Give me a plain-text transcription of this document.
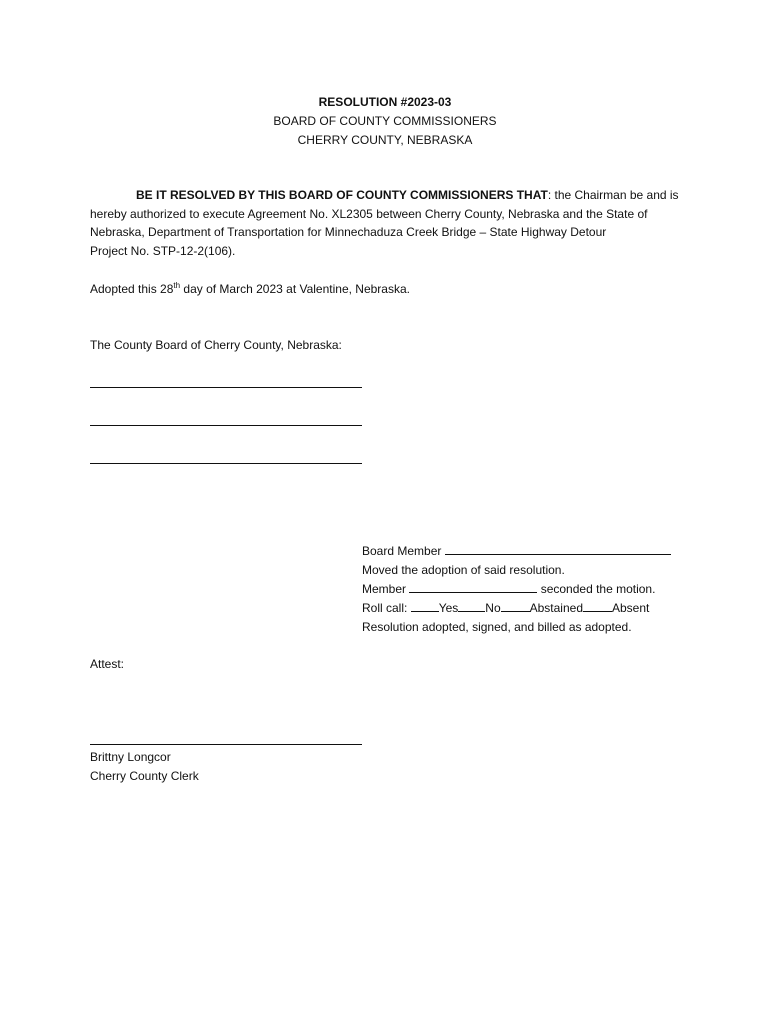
RESOLUTION #2023-03
BOARD OF COUNTY COMMISSIONERS
CHERRY COUNTY, NEBRASKA
BE IT RESOLVED BY THIS BOARD OF COUNTY COMMISSIONERS THAT: the Chairman be and is
hereby authorized to execute Agreement No. XL2305 between Cherry County, Nebraska and the State of
Nebraska, Department of Transportation for Minnechaduza Creek Bridge – State Highway Detour
Project No. STP-12-2(106).
Adopted this 28th day of March 2023 at Valentine, Nebraska.
The County Board of Cherry County, Nebraska:
Board Member
Moved the adoption of said resolution.
Member	seconded the motion.
Roll call:	Yes No Abstained Absent
Resolution adopted, signed, and billed as adopted.
Attest:
Brittny Longcor
Cherry County Clerk
